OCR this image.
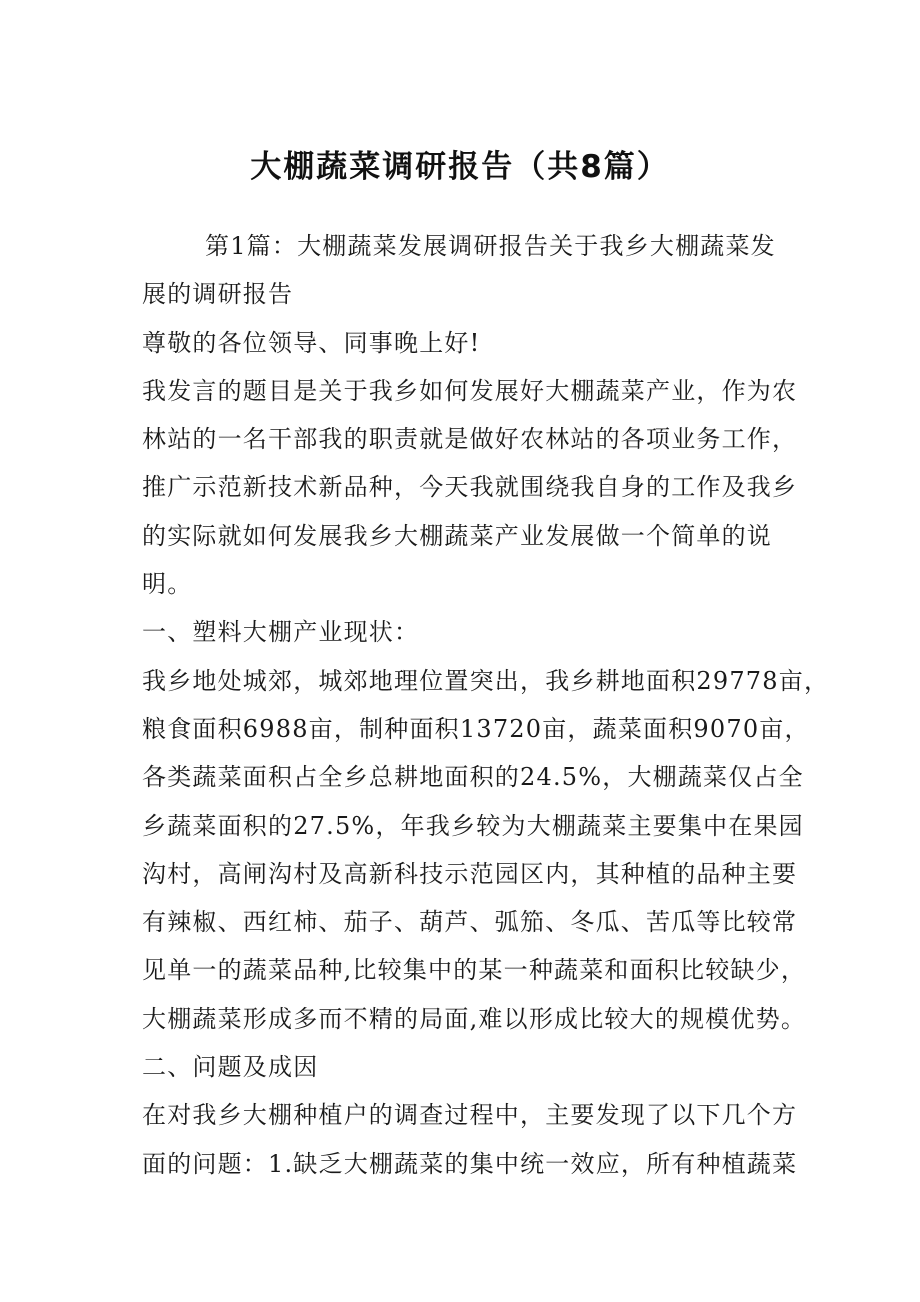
大棚蔬菜调研报告（共8篇）
第1篇：大棚蔬菜发展调研报告关于我乡大棚蔬菜发
展的调研报告
尊敬的各位领导、同事晚上好!
我发言的题目是关于我乡如何发展好大棚蔬菜产业，作为农
林站的一名干部我的职责就是做好农林站的各项业务工作，
推广示范新技术新品种，今天我就围绕我自身的工作及我乡
的实际就如何发展我乡大棚蔬菜产业发展做一个简单的说
明。
一、塑料大棚产业现状：
我乡地处城郊，城郊地理位置突出，我乡耕地面积29778亩，
粮食面积6988亩，制种面积13720亩，蔬菜面积9070亩，
各类蔬菜面积占全乡总耕地面积的24.5%，大棚蔬菜仅占全
乡蔬菜面积的27.5%，年我乡较为大棚蔬菜主要集中在果园
沟村，高闸沟村及高新科技示范园区内，其种植的品种主要
有辣椒、西红柿、茄子、葫芦、弧笳、冬瓜、苦瓜等比较常
见单一的蔬菜品种,比较集中的某一种蔬菜和面积比较缺少，
大棚蔬菜形成多而不精的局面,难以形成比较大的规模优势。
二、问题及成因
在对我乡大棚种植户的调查过程中，主要发现了以下几个方
面的问题：1.缺乏大棚蔬菜的集中统一效应，所有种植蔬菜
